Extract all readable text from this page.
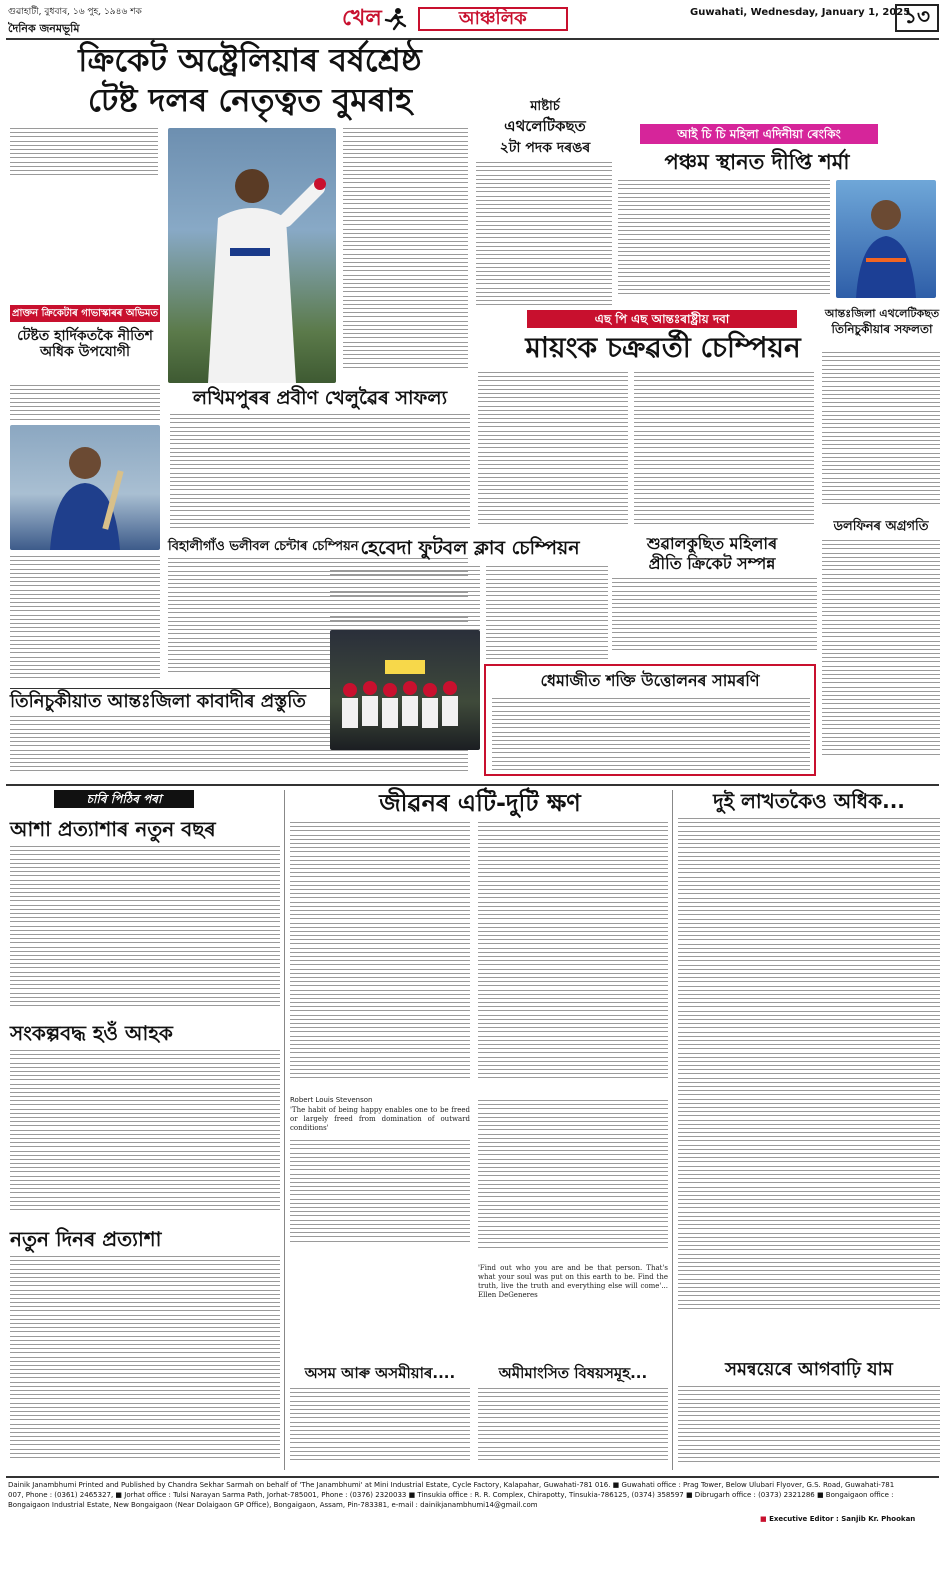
গুৱাহাটী, বুধবাৰ, ১৬ পুহ, ১৯৪৬ শক
দৈনিক জনমভূমি	খেল	আঞ্চলিক	Guwahati, Wednesday, January 1, 2025
১৩
ক্ৰিকেট অষ্ট্ৰেলিয়াৰ বৰ্ষশ্ৰেষ্ঠ
টেষ্ট দলৰ নেতৃত্বত বুমৰাহ
প্ৰাক্তন ক্ৰিকেটাৰ গাভাস্কাৰৰ অভিমত
টেষ্টত হাৰ্দিকতকৈ নীতিশ অধিক উপযোগী
লখিমপুৰৰ প্ৰবীণ খেলুৱৈৰ সাফল্য
বিহালীগাঁও ভলীবল চেন্টাৰ চেম্পিয়ন
তিনিচুকীয়াত আন্তঃজিলা কাবাদীৰ প্ৰস্তুতি
মাষ্টাৰ্চ
এথলেটিকছত
২টা পদক দৰঙৰ
আই চি চি মহিলা এদিনীয়া ৰেংকিং
পঞ্চম স্থানত দীপ্তি শৰ্মা
এছ পি এছ আন্তঃৰাষ্ট্ৰীয় দবা
মায়ংক চক্ৰৱৰ্তী চেম্পিয়ন
আন্তঃজিলা এথলেটিকছত
তিনিচুকীয়াৰ সফলতা
হেবেদা ফুটবল ক্লাব চেম্পিয়ন	শুৱালকুছিত মহিলাৰ
প্ৰীতি ক্ৰিকেট সম্পন্ন
ডলফিনৰ অগ্ৰগতি
ধেমাজীত শক্তি উত্তোলনৰ সামৰণি
চাৰি পিঠিৰ পৰা
আশা প্ৰত্যাশাৰ নতুন বছৰ
সংকল্পবদ্ধ হওঁ আহক
নতুন দিনৰ প্ৰত্যাশা
জীৱনৰ এটি-দুটি ক্ষণ
Robert Louis Stevenson
'The habit of being happy enables one to be freed or largely freed from domination of outward conditions'
'Find out who you are and be that person. That's what your soul was put on this earth to be. Find the truth, live the truth and everything else will come'... Ellen DeGeneres
অসম আৰু অসমীয়াৰ....	অমীমাংসিত বিষয়সমূহ...
দুই লাখতকৈও অধিক...
সমন্বয়েৰে আগবাঢ়ি যাম
Dainik Janambhumi Printed and Published by Chandra Sekhar Sarmah on behalf of 'The Janambhumi' at Mini Industrial Estate, Cycle Factory, Kalapahar, Guwahati-781 016. ■ Guwahati office : Prag Tower, Below Ulubari Flyover, G.S. Road, Guwahati-781
007, Phone : (0361) 2465327, ■ Jorhat office : Tulsi Narayan Sarma Path, Jorhat-785001, Phone : (0376) 2320033 ■ Tinsukia office : R. R. Complex, Chirapotty, Tinsukia-786125, (0374) 358597 ■ Dibrugarh office : (0373) 2321286 ■ Bongaigaon office :
Bongaigaon Industrial Estate, New Bongaigaon (Near Dolaigaon GP Office), Bongaigaon, Assam, Pin-783381, e-mail : dainikjanambhumi14@gmail.com
■ Executive Editor : Sanjib Kr. Phookan
